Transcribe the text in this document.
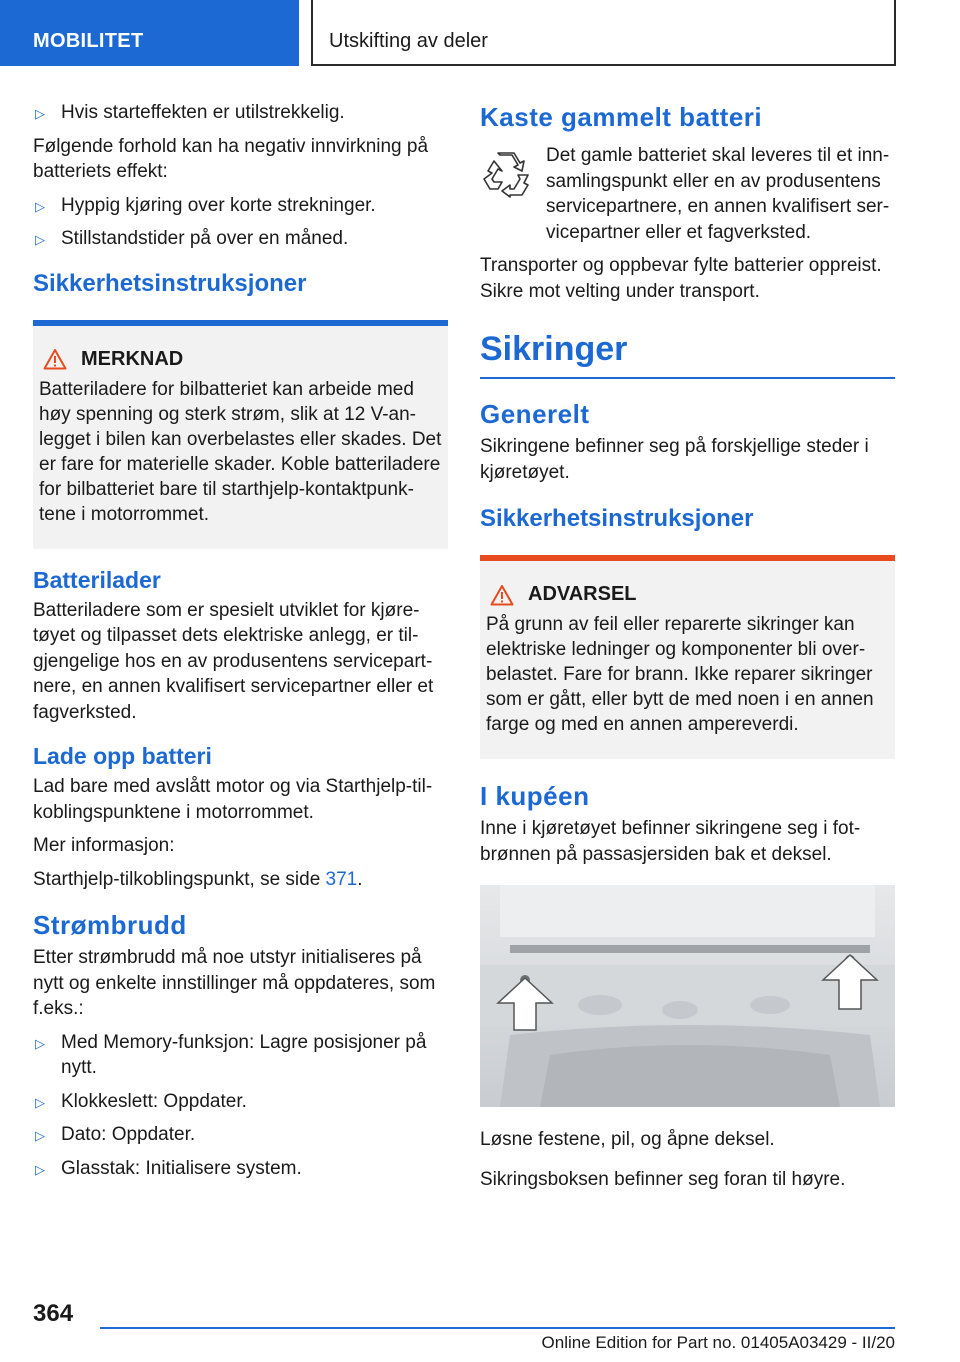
MOBILITET	Utskifting av deler
▷ Hvis starteffekten er utilstrekkelig.

Følgende forhold kan ha negativ innvirkning på batteriets effekt:

▷ Hyppig kjøring over korte strekninger.
▷ Stillstandstider på over en måned.
Sikkerhetsinstruksjoner
MERKNAD
Batteriladere for bilbatteriet kan arbeide med høy spenning og sterk strøm, slik at 12 V-anlegget i bilen kan overbelastes eller skades. Det er fare for materielle skader. Koble batteriladere for bilbatteriet bare til starthjelp-kontaktpunktene i motorrommet.
Batterilader

Batteriladere som er spesielt utviklet for kjøretøyet og tilpasset dets elektriske anlegg, er tilgjengelige hos en av produsentens servicepartnere, en annen kvalifisert servicepartner eller et fagverksted.

Lade opp batteri

Lad bare med avslått motor og via Starthjelp-tilkoblingspunktene i motorrommet.

Mer informasjon:

Starthjelp-tilkoblingspunkt, se side 371.

Strømbrudd

Etter strømbrudd må noe utstyr initialiseres på nytt og enkelte innstillinger må oppdateres, som f.eks.:

▷ Med Memory-funksjon: Lagre posisjoner på nytt.
▷ Klokkeslett: Oppdater.
▷ Dato: Oppdater.
▷ Glasstak: Initialisere system.
Kaste gammelt batteri

Det gamle batteriet skal leveres til et innsamlingspunkt eller en av produsentens servicepartnere, en annen kvalifisert servicepartner eller et fagverksted.

Transporter og oppbevar fylte batterier oppreist. Sikre mot velting under transport.

Sikringer
Generelt

Sikringene befinner seg på forskjellige steder i kjøretøyet.

Sikkerhetsinstruksjoner
ADVARSEL
På grunn av feil eller reparerte sikringer kan elektriske ledninger og komponenter bli overbelastet. Fare for brann. Ikke reparer sikringer som er gått, eller bytt de med noen i en annen farge og med en annen ampereverdi.
I kupéen

Inne i kjøretøyet befinner sikringene seg i fotbrønnen på passasjersiden bak et deksel.

Løsne festene, pil, og åpne deksel.

Sikringsboksen befinner seg foran til høyre.

364
Online Edition for Part no. 01405A03429 - II/20
